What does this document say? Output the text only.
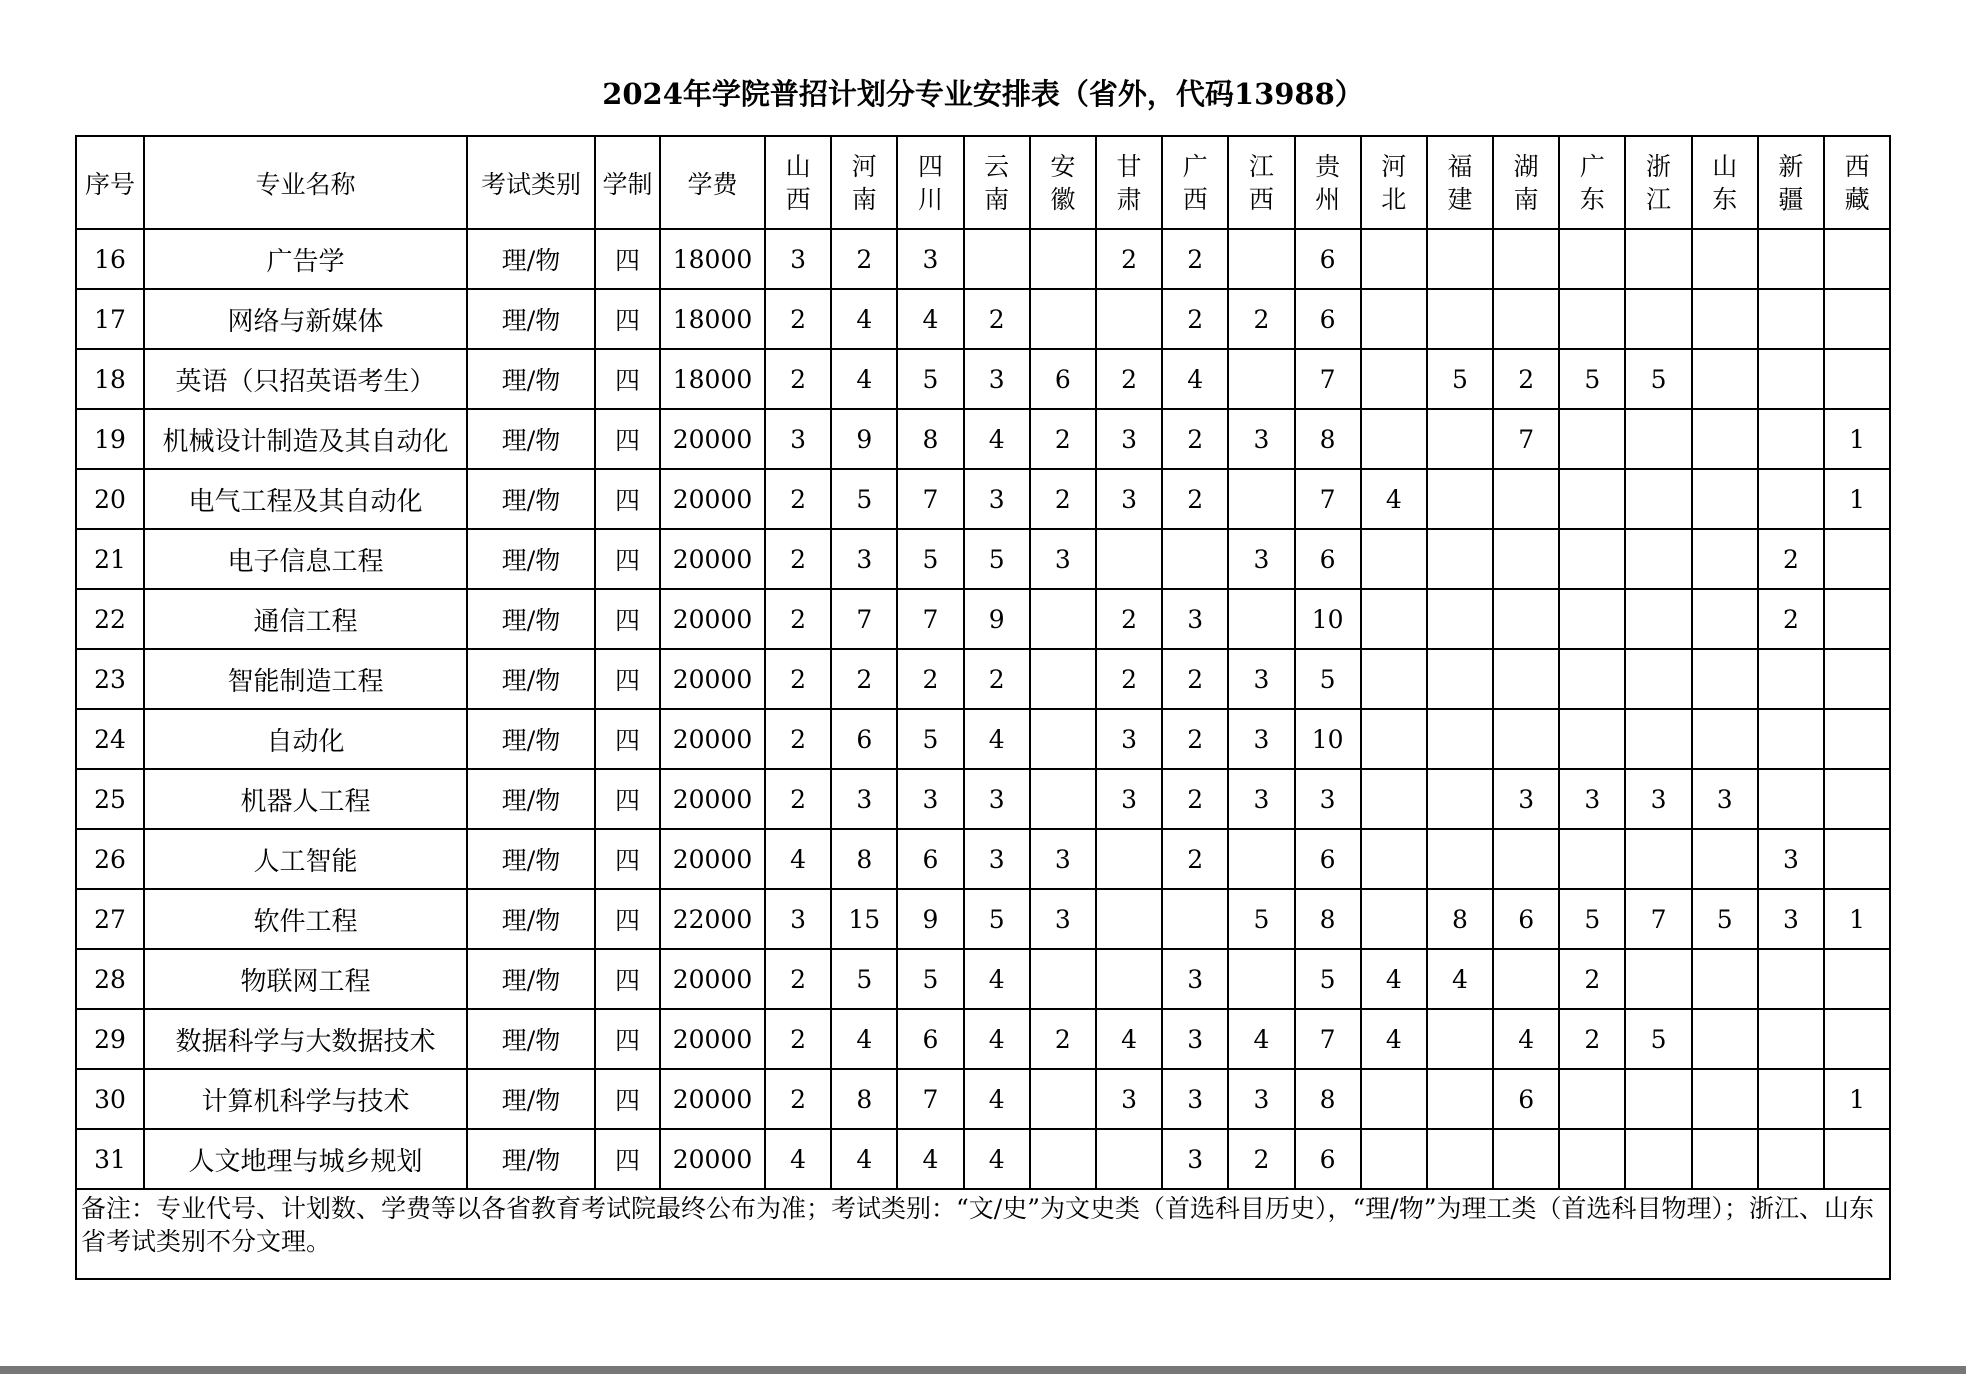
2024年学院普招计划分专业安排表（省外，代码13988）
序号	专业名称	考试类别	学制	学费	山西	河南	四川	云南	安徽	甘肃	广西	江西	贵州	河北	福建	湖南	广东	浙江	山东	新疆	西藏
16	广告学	理/物	四	18000	3	2	3			2	2		6								
17	网络与新媒体	理/物	四	18000	2	4	4	2			2	2	6								
18	英语（只招英语考生）	理/物	四	18000	2	4	5	3	6	2	4		7		5	2	5	5			
19	机械设计制造及其自动化	理/物	四	20000	3	9	8	4	2	3	2	3	8			7					1
20	电气工程及其自动化	理/物	四	20000	2	5	7	3	2	3	2		7	4							1
21	电子信息工程	理/物	四	20000	2	3	5	5	3			3	6							2	
22	通信工程	理/物	四	20000	2	7	7	9		2	3		10							2	
23	智能制造工程	理/物	四	20000	2	2	2	2		2	2	3	5								
24	自动化	理/物	四	20000	2	6	5	4		3	2	3	10								
25	机器人工程	理/物	四	20000	2	3	3	3		3	2	3	3			3	3	3	3		
26	人工智能	理/物	四	20000	4	8	6	3	3		2		6							3	
27	软件工程	理/物	四	22000	3	15	9	5	3			5	8		8	6	5	7	5	3	1
28	物联网工程	理/物	四	20000	2	5	5	4			3		5	4	4		2				
29	数据科学与大数据技术	理/物	四	20000	2	4	6	4	2	4	3	4	7	4		4	2	5			
30	计算机科学与技术	理/物	四	20000	2	8	7	4		3	3	3	8			6					1
31	人文地理与城乡规划	理/物	四	20000	4	4	4	4			3	2	6								
备注：专业代号、计划数、学费等以各省教育考试院最终公布为准；考试类别：“文/史”为文史类（首选科目历史），“理/物”为理工类（首选科目物理）；浙江、山东省考试类别不分文理。																					
